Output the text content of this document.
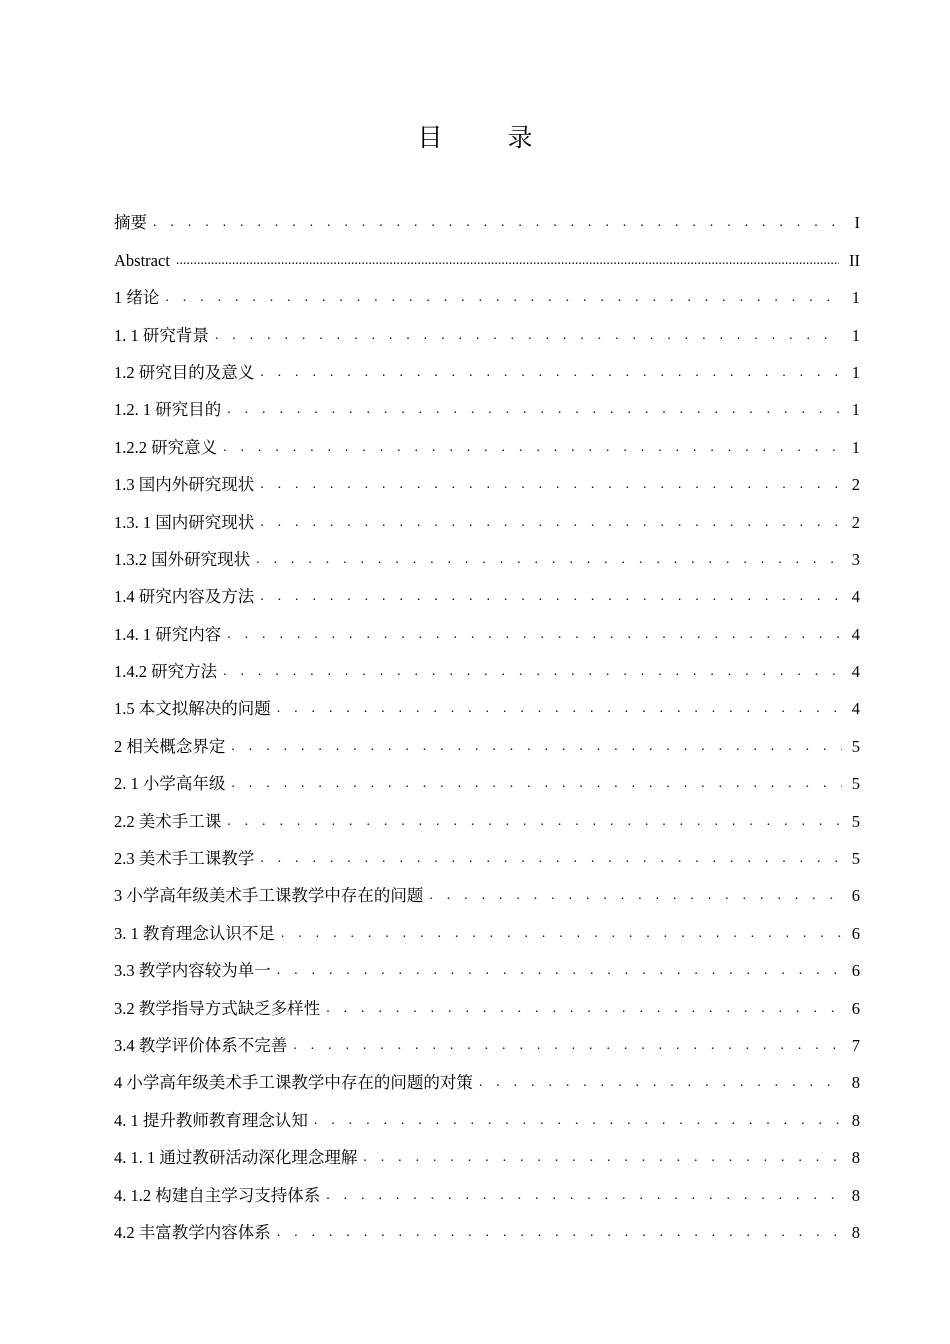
目　录
摘要 . . .	I
Abstract .....	II
1 绪论 . . .	1
1. 1 研究背景 . . .	1
1.2 研究目的及意义 . . .	1
1.2. 1 研究目的 . . .	1
1.2.2 研究意义 . . .	1
1.3 国内外研究现状 . . .	2
1.3. 1 国内研究现状 . . .	2
1.3.2 国外研究现状 . . .	3
1.4 研究内容及方法 . . .	4
1.4. 1 研究内容 . . .	4
1.4.2 研究方法 . . .	4
1.5 本文拟解决的问题 . . .	4
2 相关概念界定 . . .	5
2. 1 小学高年级 . . .	5
2.2 美术手工课 . . .	5
2.3 美术手工课教学 . . .	5
3 小学高年级美术手工课教学中存在的问题 . . .	6
3. 1 教育理念认识不足 . . .	6
3.3 教学内容较为单一 . . .	6
3.2 教学指导方式缺乏多样性 . . .	6
3.4 教学评价体系不完善 . . .	7
4 小学高年级美术手工课教学中存在的问题的对策 . . .	8
4. 1 提升教师教育理念认知 . . .	8
4. 1. 1 通过教研活动深化理念理解 . . .	8
4. 1.2 构建自主学习支持体系 . . .	8
4.2 丰富教学内容体系 . . .	8
